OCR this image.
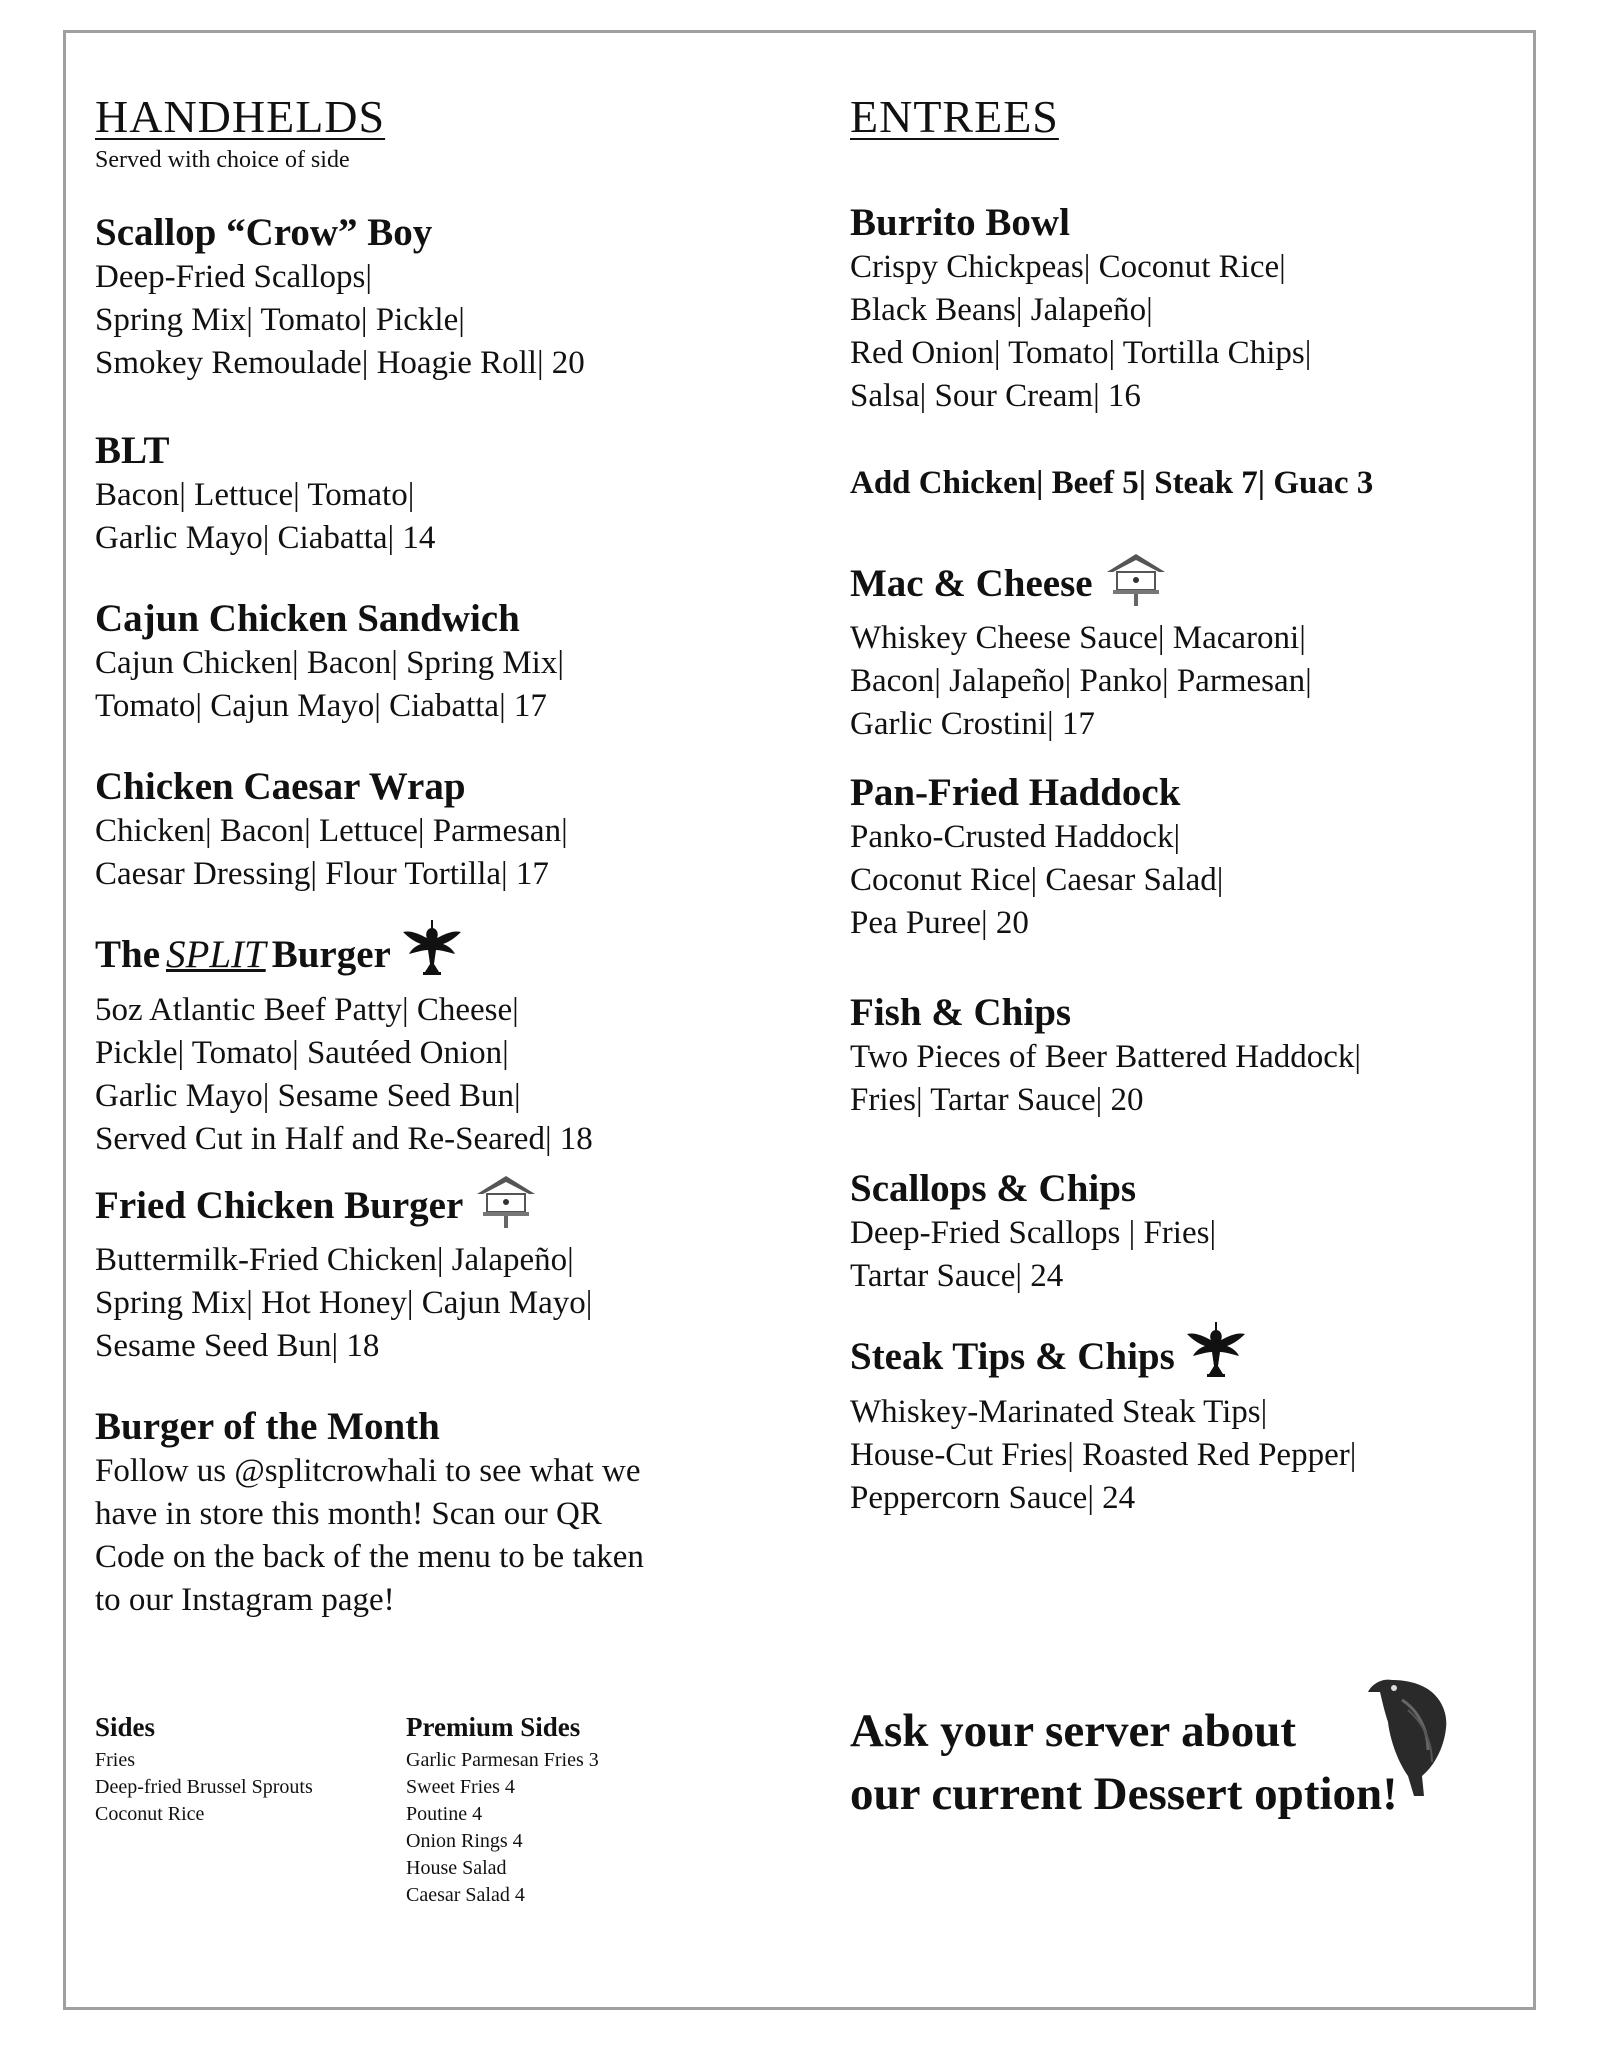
HANDHELDS
Served with choice of side
Scallop “Crow” Boy
Deep-Fried Scallops|
Spring Mix| Tomato| Pickle|
Smokey Remoulade| Hoagie Roll| 20
BLT
Bacon| Lettuce| Tomato|
Garlic Mayo| Ciabatta| 14
Cajun Chicken Sandwich
Cajun Chicken| Bacon| Spring Mix|
Tomato| Cajun Mayo| Ciabatta| 17
Chicken Caesar Wrap
Chicken| Bacon| Lettuce| Parmesan|
Caesar Dressing| Flour Tortilla| 17
The SPLIT Burger
5oz Atlantic Beef Patty| Cheese|
Pickle| Tomato| Sautéed Onion|
Garlic Mayo| Sesame Seed Bun|
Served Cut in Half and Re-Seared| 18
Fried Chicken Burger
Buttermilk-Fried Chicken| Jalapeño|
Spring Mix| Hot Honey| Cajun Mayo|
Sesame Seed Bun| 18
Burger of the Month
Follow us @splitcrowhali to see what we
have in store this month! Scan our QR
Code on the back of the menu to be taken
to our Instagram page!
ENTREES
Burrito Bowl
Crispy Chickpeas| Coconut Rice|
Black Beans| Jalapeño|
Red Onion| Tomato| Tortilla Chips|
Salsa| Sour Cream| 16
Add Chicken| Beef 5| Steak 7| Guac 3
Mac & Cheese
Whiskey Cheese Sauce| Macaroni|
Bacon| Jalapeño| Panko| Parmesan|
Garlic Crostini| 17
Pan-Fried Haddock
Panko-Crusted Haddock|
Coconut Rice| Caesar Salad|
Pea Puree| 20
Fish & Chips
Two Pieces of Beer Battered Haddock|
Fries| Tartar Sauce| 20
Scallops & Chips
Deep-Fried Scallops | Fries|
Tartar Sauce| 24
Steak Tips & Chips
Whiskey-Marinated Steak Tips|
House-Cut Fries| Roasted Red Pepper|
Peppercorn Sauce| 24
Sides
Fries
Deep-fried Brussel Sprouts
Coconut Rice
Premium Sides
Garlic Parmesan Fries 3
Sweet Fries 4
Poutine 4
Onion Rings 4
House Salad
Caesar Salad 4
Ask your server about
our current Dessert option!
